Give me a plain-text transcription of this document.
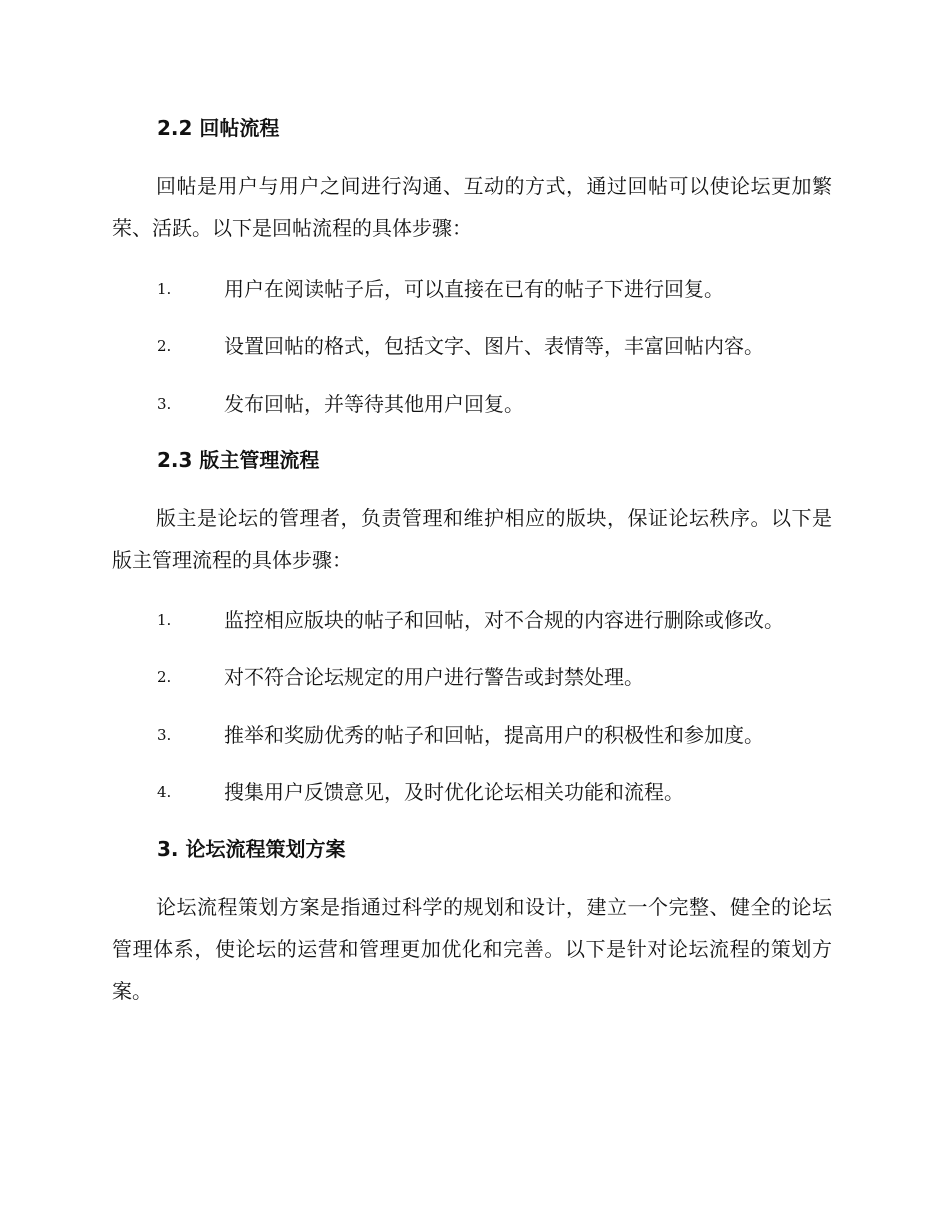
2.2 回帖流程

回帖是用户与用户之间进行沟通、互动的方式，通过回帖可以使论坛更加繁荣、活跃。以下是回帖流程的具体步骤：

1.	用户在阅读帖子后，可以直接在已有的帖子下进行回复。
2.	设置回帖的格式，包括文字、图片、表情等，丰富回帖内容。
3.	发布回帖，并等待其他用户回复。
2.3 版主管理流程

版主是论坛的管理者，负责管理和维护相应的版块，保证论坛秩序。以下是版主管理流程的具体步骤：

1.	监控相应版块的帖子和回帖，对不合规的内容进行删除或修改。
2.	对不符合论坛规定的用户进行警告或封禁处理。
3.	推举和奖励优秀的帖子和回帖，提高用户的积极性和参加度。
4.	搜集用户反馈意见，及时优化论坛相关功能和流程。
3. 论坛流程策划方案

论坛流程策划方案是指通过科学的规划和设计，建立一个完整、健全的论坛管理体系，使论坛的运营和管理更加优化和完善。以下是针对论坛流程的策划方案。
